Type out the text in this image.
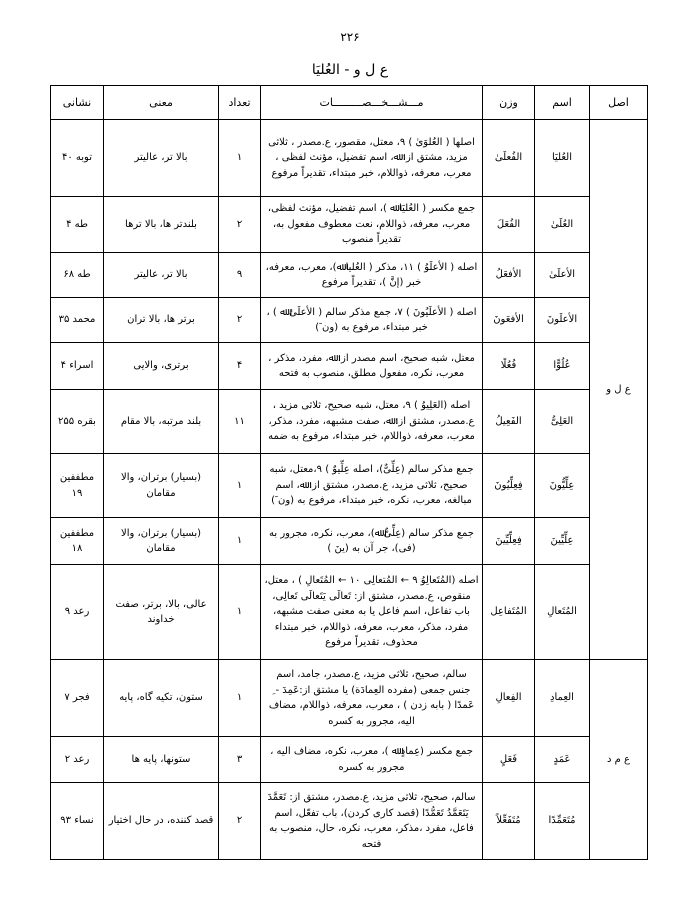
۲۲۶
ع ل و - العُلیَا
اصل	اسم	وزن	مـــشـــخـــصـــــــــات	تعداد	معنی	نشانی
ع ل و	العُلیَا	الفُعلَیٰ	اصلها ( العُلوَیٰ ) ۹، معتل، مقصور، ع.مصدر ، ثلاثی مزید، مشتق از: ﷲ، اسم تفضیل، مؤنث لفظی ، معرب، معرفه، ذواللام، خبر مبتداء، تقدیراً مرفوع	۱	بالا تر، عالیتر	توبه ۴۰
	العُلَیٰ	الفُعَلَ	جمع مکسر ( العُلیَا ﷲ )، اسم تفضیل، مؤنث لفظی، معرب، معرفه، ذواللام، نعت معطوف مفعول به، تقدیراً منصوب	۲	بلندتر ها، بالا ترها	طه ۴
	الأعلَیٰ	الأفعَلُ	اصله ( الأعلَوُ ) ۱۱، مذکر ( العُليا ﷲ)، معرب، معرفه، خبر (إنَّ )، تقدیراً مرفوع	۹	بالا تر، عالیتر	طه ۶۸
	الأعلَونَ	الأفعَونَ	اصله ( الأعلَیُونَ ) ۷، جمع مذکر سالم ( الأعلَیٰ ﷲ ) ، خبر مبتداء، مرفوع به (ون َ)	۲	برتر ها، بالا تران	محمد ۳۵
	عُلُوًّا	فُعُلًا	معتل، شبه صحیح، اسم مصدر از: ﷲ، مفرد، مذکر ، معرب، نکره، مفعول مطلق، منصوب به فتحه	۴	برتری، والایی	اسراء ۴
	العَلِیُّ	الفَعِیلُ	اصله (العَلِیوُ ) ۹، معتل، شبه صحیح، ثلاثی مزید ، ع.مصدر، مشتق از: ﷲ، صفت مشبهه، مفرد، مذکر، معرب، معرفه، ذواللام، خبر مبتداء، مرفوع به ضمه	۱۱	بلند مرتبه، بالا مقام	بقره ۲۵۵
	عِلِّیُّونَ	فِعِلِّیُونَ	جمع مذکر سالم (عِلِّیٌّ)، اصله عِلِّیوٌ ) ۹،معتل، شبه صحیح، ثلاثی مزید، ع.مصدر، مشتق از: ﷲ، اسم مبالغه، معرب، نکره، خبر مبتداء، مرفوع به (ون َ)	۱	(بسیار) برتران، والا مقامان	مطففین ۱۹
	عِلِّیِّینَ	فِعِلِّیِّينَ	جمع مذکر سالم (عِلِّیٌّ ﷲ)، معرب، نکره، مجرور به (فی)، جر آن به (ینَ )	۱	(بسیار) برتران، والا مقامان	مطففین ۱۸
	المُتَعالِ	المُتَفاعِل	اصله (المُتَعالِوُ ۹ ← المُتعالِی ۱۰ ← المُتَعالِ ) ، معتل، منقوص، ع.مصدر، مشتق از: تَعالَی یَتَعالَی تَعالِی، باب تفاعل، اسم فاعل یا به معنی صفت مشبهه، مفرد، مذکر، معرب، معرفه، ذواللام، خبر مبتداء محذوف، تقدیراً مرفوع	۱	عالی، بالا، برتر، صفت خداوند	رعد ۹
ع م د	العِمادِ	الفِعالِ	سالم، صحیح، ثلاثی مزید، ع.مصدر، جامد، اسم جنس جمعی (مفرده العِمادَة) یا مشتق از:عَمِدَ - ِ عَمدًا ( بابه زدن ) ، معرب، معرفه، ذواللام، مضاف الیه، مجرور به کسره	۱	ستون، تکیه گاه، پایه	فجر ۷
	عَمَدٍ	فَعَلٍ	جمع مکسر (عِمادٍ ﷲ )، معرب، نکره، مضاف الیه ، مجرور به کسره	۳	ستونها، پایه ها	رعد ۲
	مُتَعَمِّدًا	مُتَفَعِّلاً	سالم، صحیح، ثلاثی مزید، ع.مصدر، مشتق از: تَعَمَّدَ یَتَعَمَّدُ تَعَمُّدًا (قصد کاری کردن)، باب تفعّل، اسم فاعل، مفرد ،مذکر، معرب، نکره، حال، منصوب به فتحه	۲	قصد کننده، در حال اختیار	نساء ۹۳
